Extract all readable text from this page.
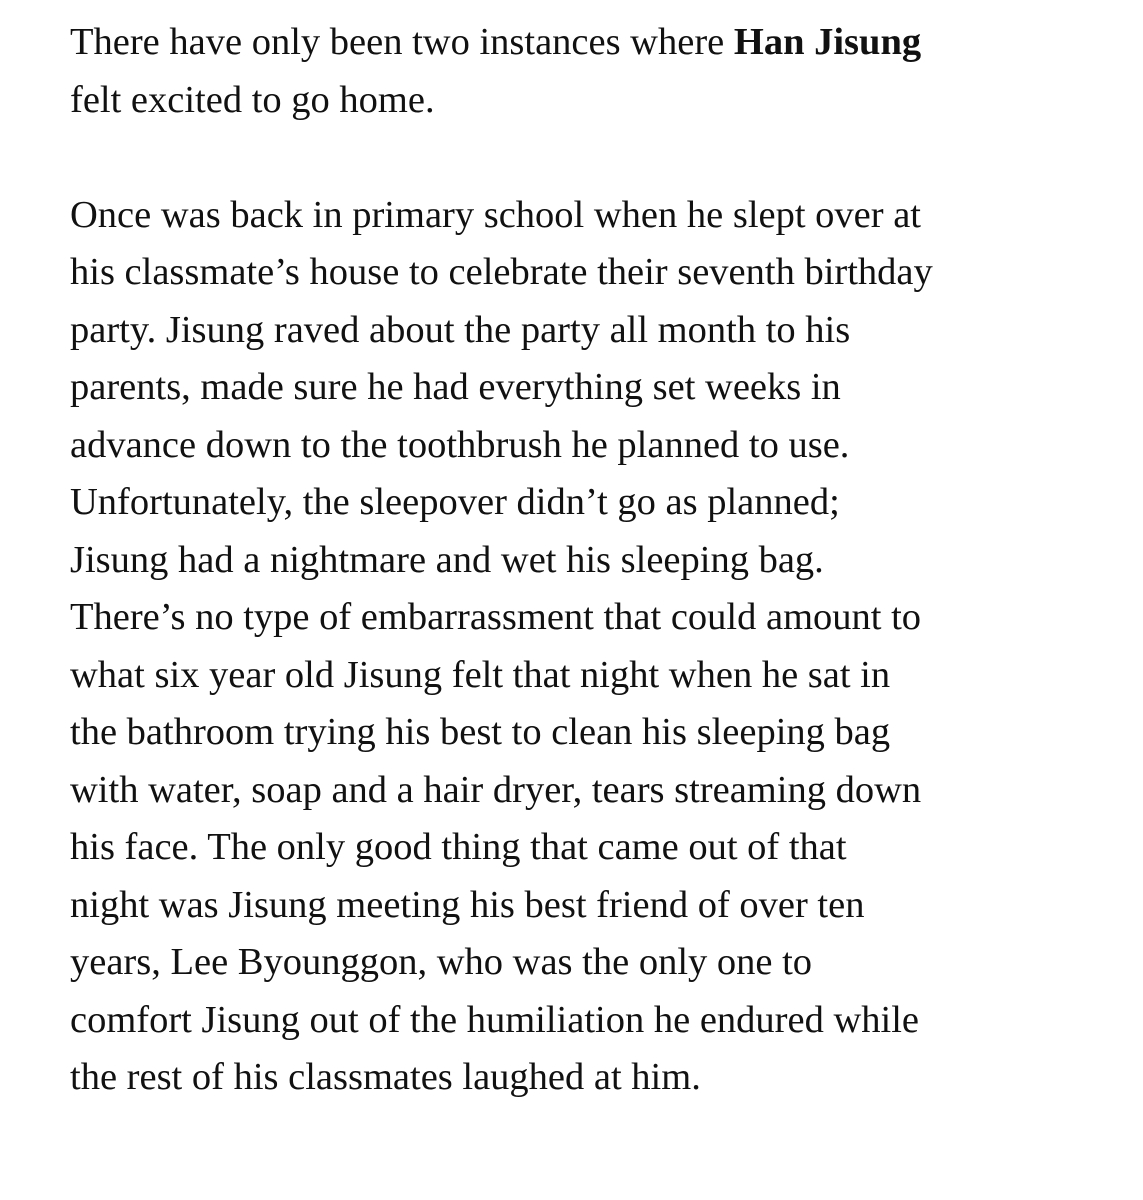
There have only been two instances where Han Jisung
felt excited to go home.

Once was back in primary school when he slept over at
his classmate’s house to celebrate their seventh birthday
party. Jisung raved about the party all month to his
parents, made sure he had everything set weeks in
advance down to the toothbrush he planned to use.
Unfortunately, the sleepover didn’t go as planned;
Jisung had a nightmare and wet his sleeping bag.
There’s no type of embarrassment that could amount to
what six year old Jisung felt that night when he sat in
the bathroom trying his best to clean his sleeping bag
with water, soap and a hair dryer, tears streaming down
his face. The only good thing that came out of that
night was Jisung meeting his best friend of over ten
years, Lee Byounggon, who was the only one to
comfort Jisung out of the humiliation he endured while
the rest of his classmates laughed at him.
